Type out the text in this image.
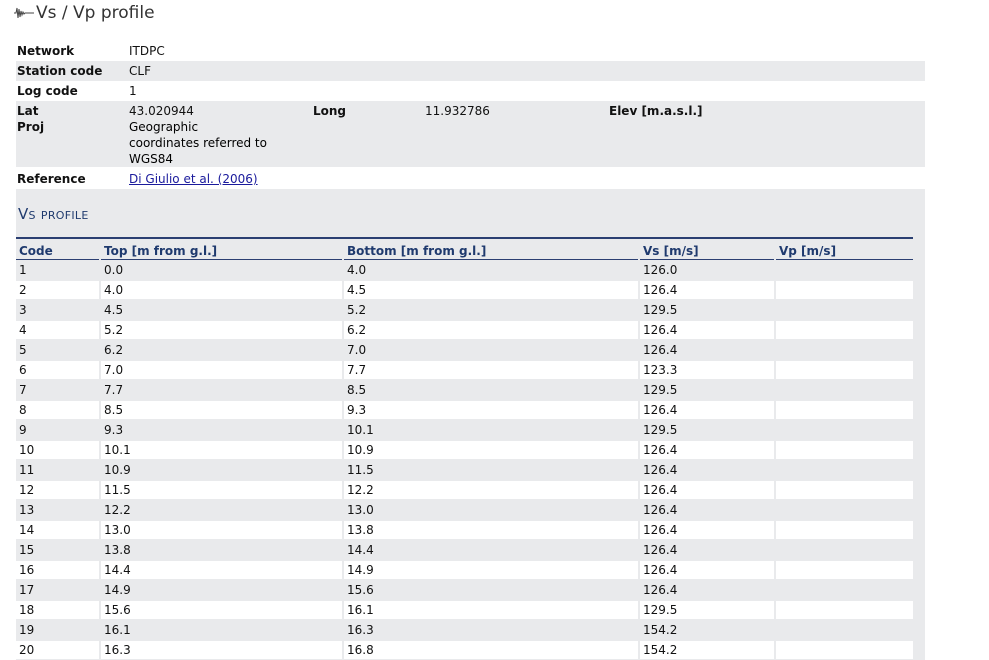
Vs / Vp profile
Network	ITDPC
Station code CLF
Log code	1
Lat	43.020944	Long	11.932786	Elev [m.a.s.l.]
Proj	Geographic
coordinates referred to
WGS84
Reference	Di Giulio et al. (2006)
Vs profile
Code	Top [m from g.l.]	Bottom [m from g.l.]	Vs [m/s]	Vp [m/s]
1	0.0	4.0	126.0
2	4.0	4.5	126.4
3	4.5	5.2	129.5
4	5.2	6.2	126.4
5	6.2	7.0	126.4
6	7.0	7.7	123.3
7	7.7	8.5	129.5
8	8.5	9.3	126.4
9	9.3	10.1	129.5
10	10.1	10.9	126.4
11	10.9	11.5	126.4
12	11.5	12.2	126.4
13	12.2	13.0	126.4
14	13.0	13.8	126.4
15	13.8	14.4	126.4
16	14.4	14.9	126.4
17	14.9	15.6	126.4
18	15.6	16.1	129.5
19	16.1	16.3	154.2
20	16.3	16.8	154.2
